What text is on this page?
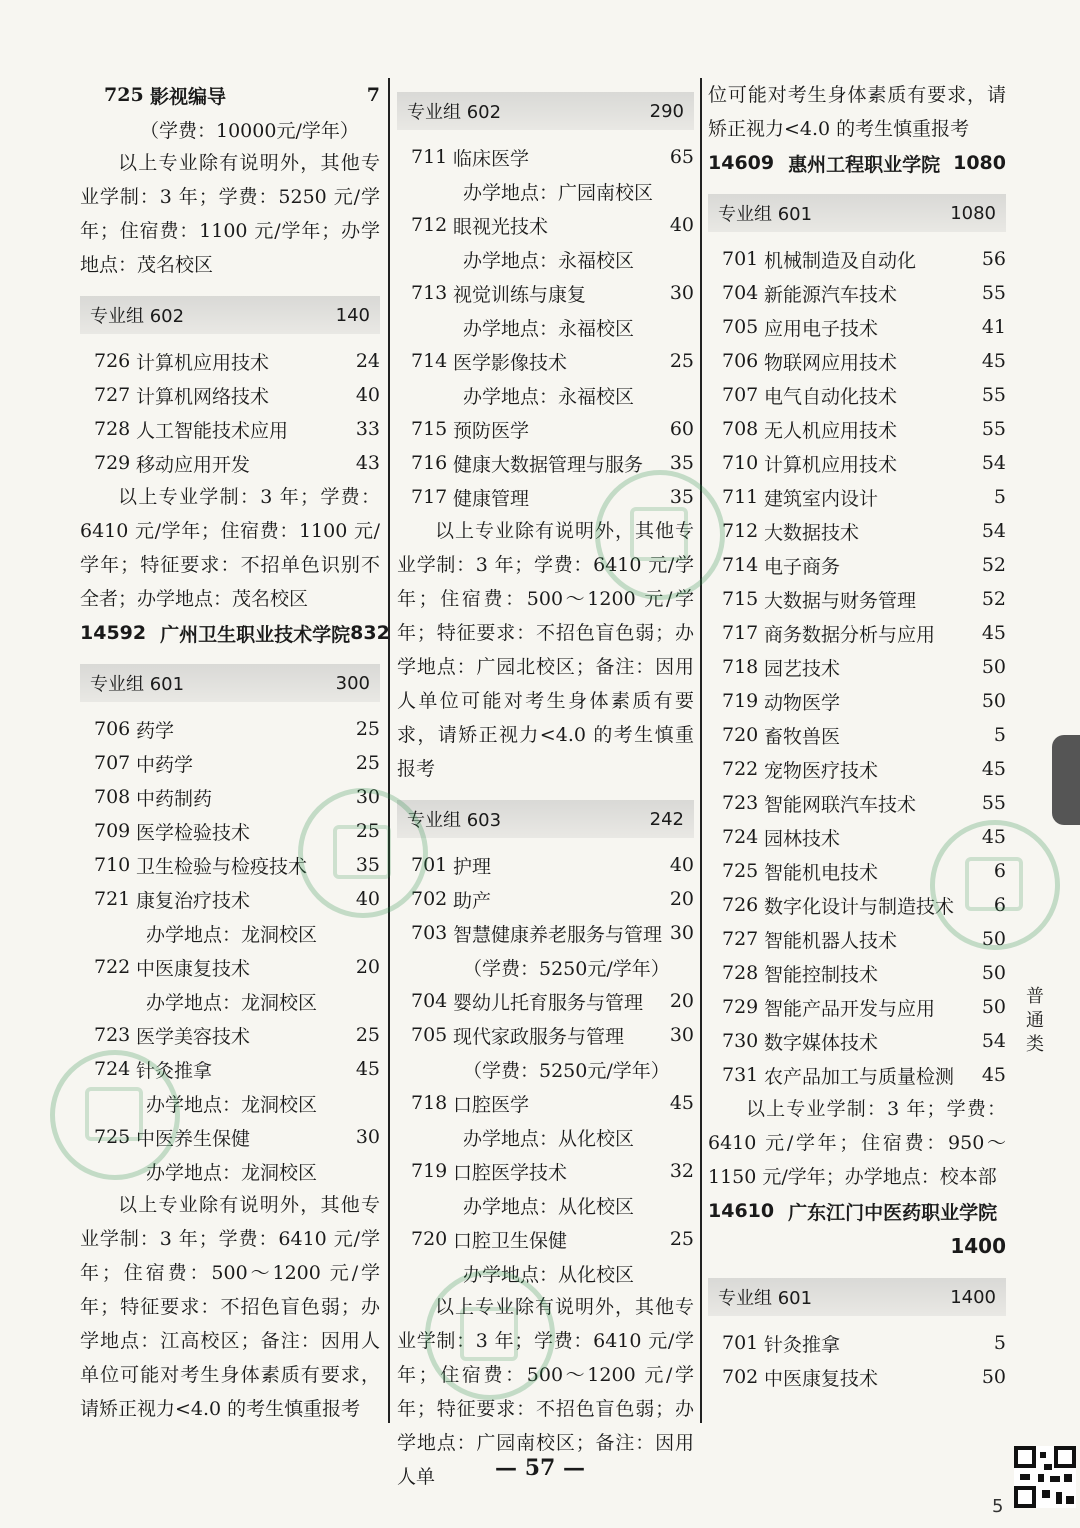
725 影视编导	7
（学费：10000元/学年）

以上专业除有说明外，其他专业学制：3 年；学费：5250 元/学年；住宿费：1100 元/学年；办学地点：茂名校区

专业组 602	140
726 计算机应用技术	24
727 计算机网络技术	40
728 人工智能技术应用	33
729 移动应用开发	43

以上专业学制：3 年；学费：6410 元/学年；住宿费：1100 元/学年；特征要求：不招单色识别不全者；办学地点：茂名校区

14592 广州卫生职业技术学院 832
专业组 601	300
706 药学	25
707 中药学	25
708 中药制药	30
709 医学检验技术	25
710 卫生检验与检疫技术	35
721 康复治疗技术	40
办学地点：龙洞校区
722 中医康复技术	20
办学地点：龙洞校区
723 医学美容技术	25
724 针灸推拿	45
办学地点：龙洞校区
725 中医养生保健	30
办学地点：龙洞校区

以上专业除有说明外，其他专业学制：3 年；学费：6410 元/学年；住宿费：500～1200 元/学年；特征要求：不招色盲色弱；办学地点：江高校区；备注：因用人单位可能对考生身体素质有要求，请矫正视力<4.0 的考生慎重报考

专业组 602	290
711 临床医学	65
办学地点：广园南校区
712 眼视光技术	40
办学地点：永福校区
713 视觉训练与康复	30
办学地点：永福校区
714 医学影像技术	25
办学地点：永福校区
715 预防医学	60
716 健康大数据管理与服务	35
717 健康管理	35

以上专业除有说明外，其他专业学制：3 年；学费：6410 元/学年；住宿费：500～1200 元/学年；特征要求：不招色盲色弱；办学地点：广园北校区；备注：因用人单位可能对考生身体素质有要求，请矫正视力<4.0 的考生慎重报考

专业组 603	242
701 护理	40
702 助产	20
703 智慧健康养老服务与管理 30
（学费：5250元/学年）
704 婴幼儿托育服务与管理	20
705 现代家政服务与管理	30
（学费：5250元/学年）
718 口腔医学	45
办学地点：从化校区
719 口腔医学技术	32
办学地点：从化校区
720 口腔卫生保健	25
办学地点：从化校区

以上专业除有说明外，其他专业学制：3 年；学费：6410 元/学年；住宿费：500～1200 元/学年；特征要求：不招色盲色弱；办学地点：广园南校区；备注：因用人单

位可能对考生身体素质有要求，请矫正视力<4.0 的考生慎重报考

14609 惠州工程职业学院 1080
专业组 601	1080
701 机械制造及自动化	56
704 新能源汽车技术	55
705 应用电子技术	41
706 物联网应用技术	45
707 电气自动化技术	55
708 无人机应用技术	55
710 计算机应用技术	54
711 建筑室内设计	5
712 大数据技术	54
714 电子商务	52
715 大数据与财务管理	52
717 商务数据分析与应用	45
718 园艺技术	50
719 动物医学	50
720 畜牧兽医	5
722 宠物医疗技术	45
723 智能网联汽车技术	55
724 园林技术	45
725 智能机电技术	6
726 数字化设计与制造技术	6
727 智能机器人技术	50
728 智能控制技术	50
729 智能产品开发与应用	50
730 数字媒体技术	54
731 农产品加工与质量检测	45

以上专业学制：3 年；学费：6410 元/学年；住宿费：950～1150 元/学年；办学地点：校本部

14610 广东江门中医药职业学院
1400
专业组 601	1400
701 针灸推拿	5
702 中医康复技术	50
— 57 —
普通类
5
